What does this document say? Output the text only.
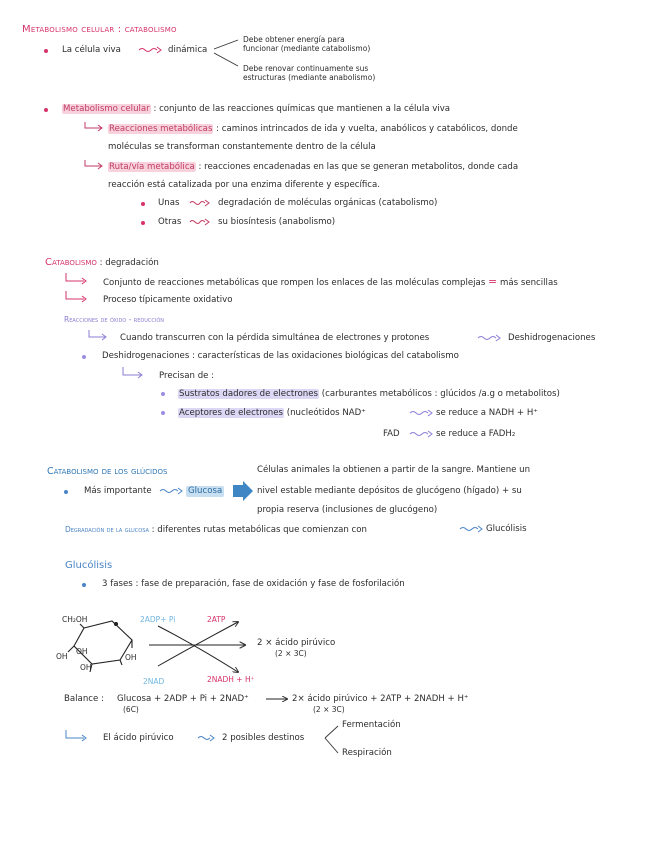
Metabolismo celular : catabolismo
La célula viva	dinámica
Debe obtener energía para
funcionar (mediante catabolismo)
Debe renovar continuamente sus
estructuras (mediante anabolismo)
Metabolismo celular : conjunto de las reacciones químicas que mantienen a la célula viva
Reacciones metabólicas : caminos intrincados de ida y vuelta, anabólicos y catabólicos, donde
moléculas se transforman constantemente dentro de la célula
Ruta/vía metabólica : reacciones encadenadas en las que se generan metabolitos, donde cada
reacción está catalizada por una enzima diferente y específica.
Unas	degradación de moléculas orgánicas (catabolismo)
Otras	su biosíntesis (anabolismo)
Catabolismo : degradación
Conjunto de reacciones metabólicas que rompen los enlaces de las moléculas complejas = más sencillas
Proceso típicamente oxidativo
Reacciones de óxido - reducción
Cuando transcurren con la pérdida simultánea de electrones y protones	Deshidrogenaciones
Deshidrogenaciones : características de las oxidaciones biológicas del catabolismo
Precisan de :
Sustratos dadores de electrones (carburantes metabólicos : glúcidos /a.g o metabolitos)
Aceptores de electrones (nucleótidos NAD⁺	se reduce a NADH + H⁺
FAD	se reduce a FADH₂
Catabolismo de los glúcidos
Más importante	Glucosa
Células animales la obtienen a partir de la sangre. Mantiene un
nivel estable mediante depósitos de glucógeno (hígado) + su
propia reserva (inclusiones de glucógeno)
Degradación de la glucosa : diferentes rutas metabólicas que comienzan con	Glucólisis
Glucólisis
3 fases : fase de preparación, fase de oxidación y fase de fosforilación
CH₂OH
OH
OH
OH
OH
2ADP+ Pi	2ATP
2NAD	2NADH + H⁺
2 × ácido pirúvico
(2 × 3C)
Balance : Glucosa + 2ADP + Pi + 2NAD⁺
(6C)
2× ácido pirúvico + 2ATP + 2NADH + H⁺
(2 × 3C)
El ácido pirúvico	2 posibles destinos
Fermentación
Respiración
